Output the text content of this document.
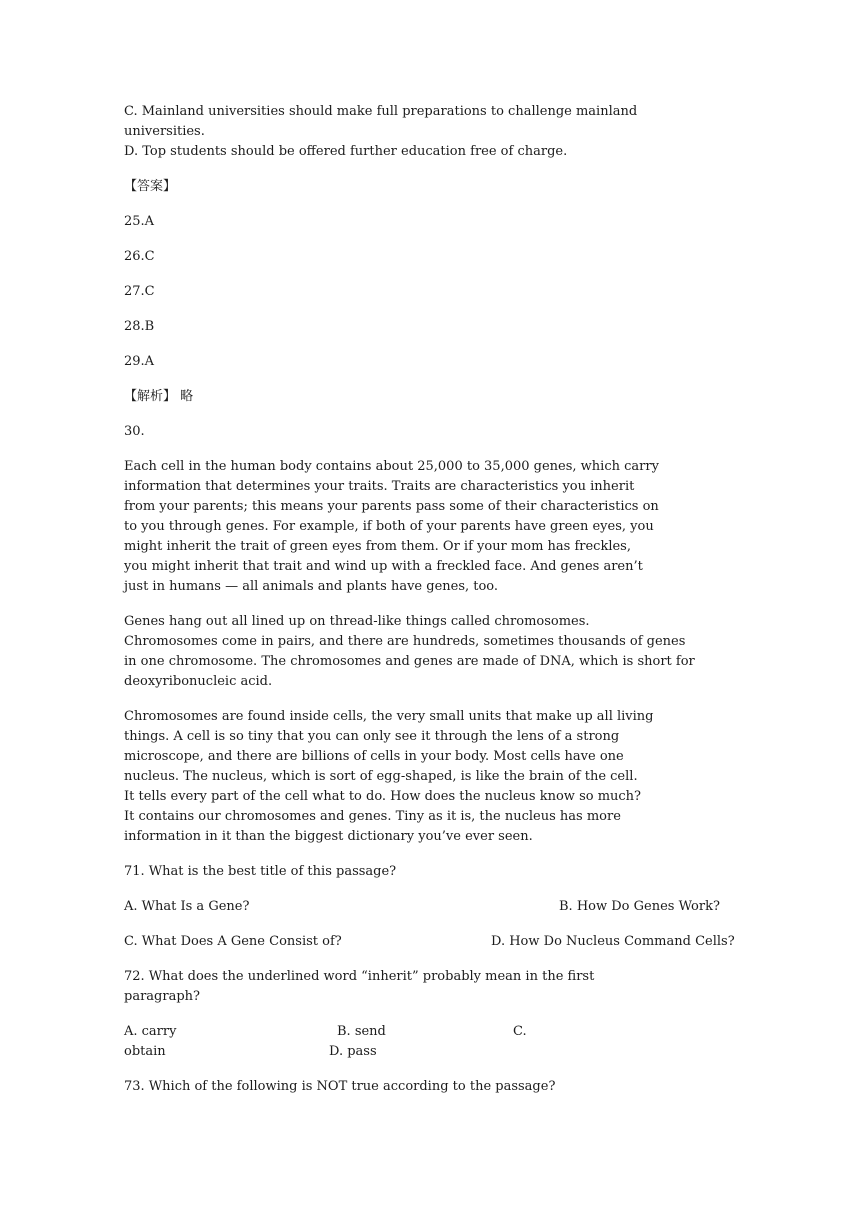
C. Mainland universities should make full preparations to challenge mainland
universities.
D. Top students should be offered further education free of charge.
【答案】
25.A
26.C
27.C
28.B
29.A
【解析】 略
30.
Each cell in the human body contains about 25,000 to 35,000 genes, which carry
information that determines your traits. Traits are characteristics you inherit
from your parents; this means your parents pass some of their characteristics on
to you through genes. For example, if both of your parents have green eyes, you
might inherit the trait of green eyes from them. Or if your mom has freckles,
you might inherit that trait and wind up with a freckled face. And genes aren’t
just in humans — all animals and plants have genes, too.
Genes hang out all lined up on thread-like things called chromosomes.
Chromosomes come in pairs, and there are hundreds, sometimes thousands of genes
in one chromosome. The chromosomes and genes are made of DNA, which is short for
deoxyribonucleic acid.
Chromosomes are found inside cells, the very small units that make up all living
things. A cell is so tiny that you can only see it through the lens of a strong
microscope, and there are billions of cells in your body. Most cells have one
nucleus. The nucleus, which is sort of egg-shaped, is like the brain of the cell.
It tells every part of the cell what to do. How does the nucleus know so much?
It contains our chromosomes and genes. Tiny as it is, the nucleus has more
information in it than the biggest dictionary you’ve ever seen.
71. What is the best title of this passage?
A. What Is a Gene?	B. How Do Genes Work?
C. What Does A Gene Consist of?	D. How Do Nucleus Command Cells?
72. What does the underlined word “inherit” probably mean in the first
paragraph?
A. carry	B. send	C.
obtain	D. pass
73. Which of the following is NOT true according to the passage?
